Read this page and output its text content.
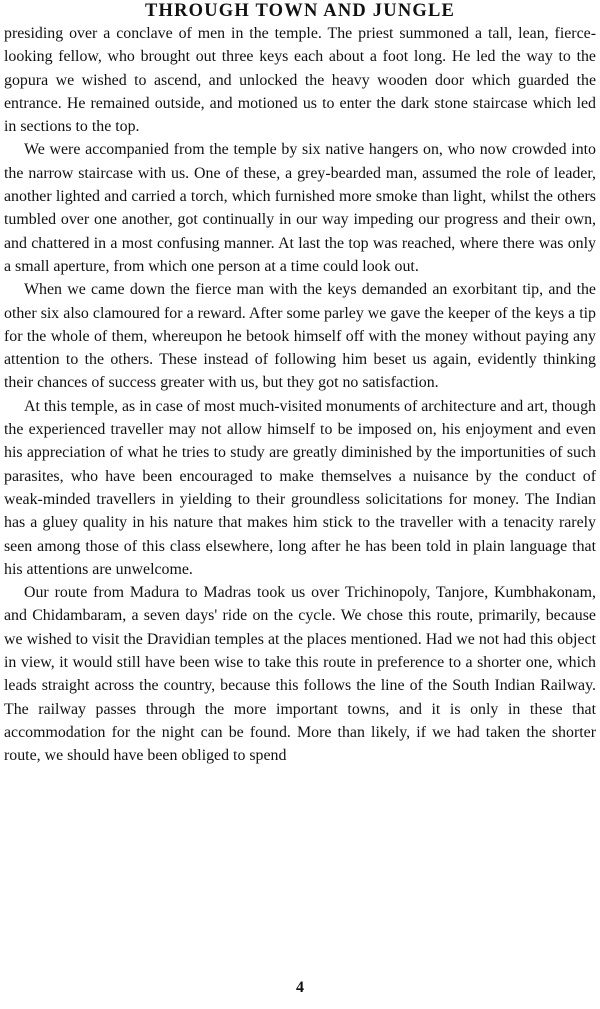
THROUGH TOWN AND JUNGLE

presiding over a conclave of men in the temple. The priest summoned a tall, lean, fierce-looking fellow, who brought out three keys each about a foot long. He led the way to the gopura we wished to ascend, and unlocked the heavy wooden door which guarded the entrance. He remained outside, and motioned us to enter the dark stone staircase which led in sections to the top.

We were accompanied from the temple by six native hangers on, who now crowded into the narrow staircase with us. One of these, a grey-bearded man, assumed the role of leader, another lighted and carried a torch, which furnished more smoke than light, whilst the others tumbled over one another, got continually in our way impeding our progress and their own, and chattered in a most confusing manner. At last the top was reached, where there was only a small aperture, from which one person at a time could look out.

When we came down the fierce man with the keys demanded an exorbitant tip, and the other six also clamoured for a reward. After some parley we gave the keeper of the keys a tip for the whole of them, whereupon he betook himself off with the money without paying any attention to the others. These instead of following him beset us again, evidently thinking their chances of success greater with us, but they got no satisfaction.

At this temple, as in case of most much-visited monuments of architecture and art, though the experienced traveller may not allow himself to be imposed on, his enjoyment and even his appreciation of what he tries to study are greatly diminished by the importunities of such parasites, who have been encouraged to make themselves a nuisance by the conduct of weak-minded travellers in yielding to their groundless solicitations for money. The Indian has a gluey quality in his nature that makes him stick to the traveller with a tenacity rarely seen among those of this class elsewhere, long after he has been told in plain language that his attentions are unwelcome.

Our route from Madura to Madras took us over Trichinopoly, Tanjore, Kumbhakonam, and Chidambaram, a seven days' ride on the cycle. We chose this route, primarily, because we wished to visit the Dravidian temples at the places mentioned. Had we not had this object in view, it would still have been wise to take this route in preference to a shorter one, which leads straight across the country, because this follows the line of the South Indian Railway. The railway passes through the more important towns, and it is only in these that accommodation for the night can be found. More than likely, if we had taken the shorter route, we should have been obliged to spend

4
